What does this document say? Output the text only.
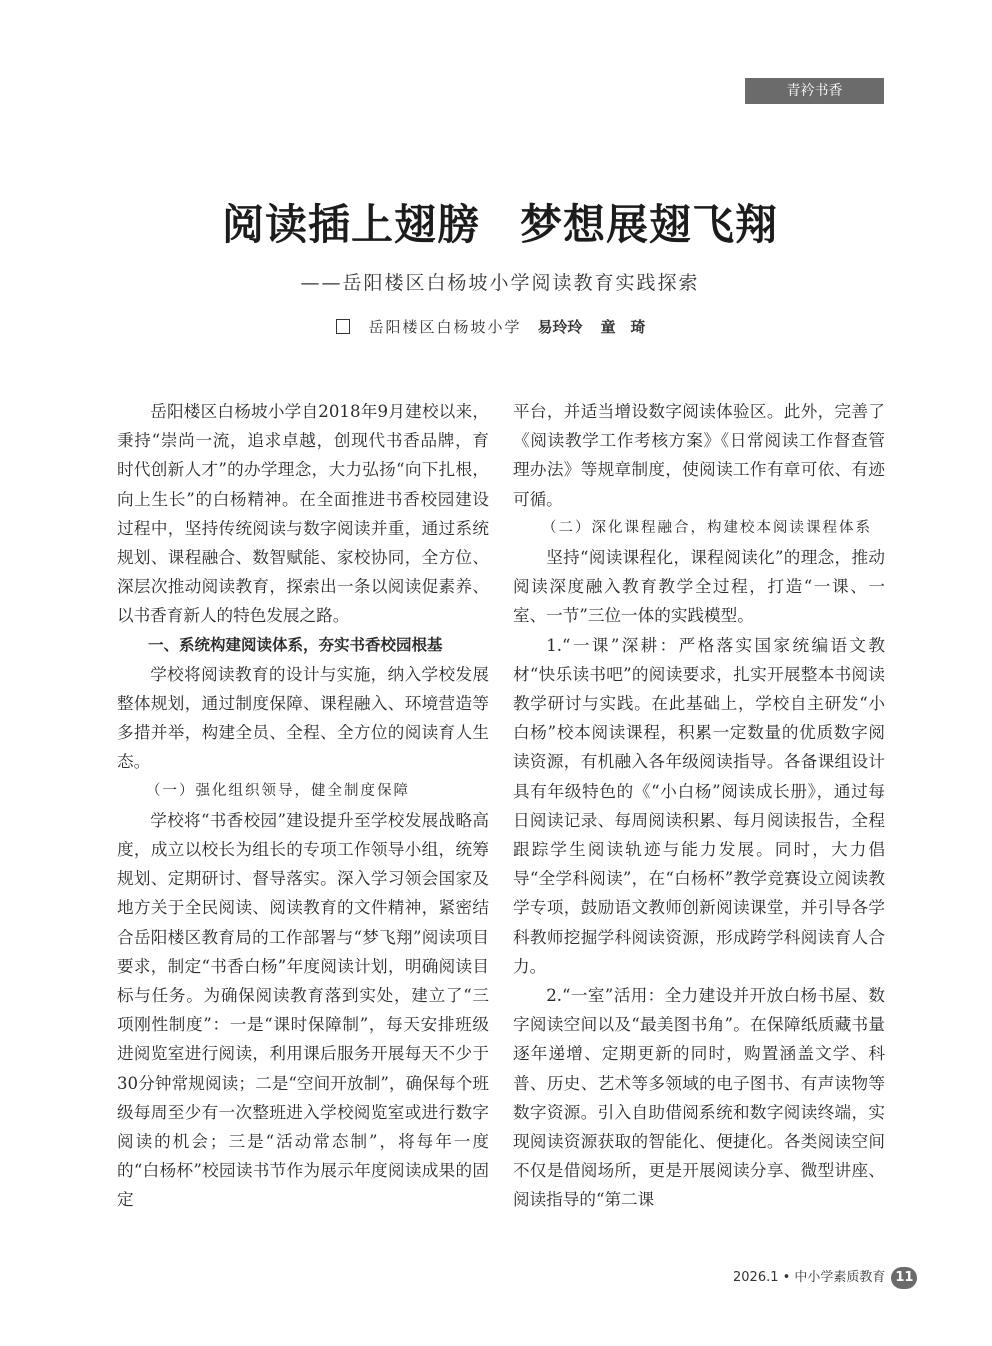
青衿书香
阅读插上翅膀 梦想展翅飞翔
——岳阳楼区白杨坡小学阅读教育实践探索
岳阳楼区白杨坡小学 易玲玲 童　琦

岳阳楼区白杨坡小学自2018年9月建校以来，秉持“崇尚一流，追求卓越，创现代书香品牌，育时代创新人才”的办学理念，大力弘扬“向下扎根，向上生长”的白杨精神。在全面推进书香校园建设过程中，坚持传统阅读与数字阅读并重，通过系统规划、课程融合、数智赋能、家校协同，全方位、深层次推动阅读教育，探索出一条以阅读促素养、以书香育新人的特色发展之路。

一、系统构建阅读体系，夯实书香校园根基

学校将阅读教育的设计与实施，纳入学校发展整体规划，通过制度保障、课程融入、环境营造等多措并举，构建全员、全程、全方位的阅读育人生态。

（一）强化组织领导，健全制度保障

学校将“书香校园”建设提升至学校发展战略高度，成立以校长为组长的专项工作领导小组，统筹规划、定期研讨、督导落实。深入学习领会国家及地方关于全民阅读、阅读教育的文件精神，紧密结合岳阳楼区教育局的工作部署与“梦飞翔”阅读项目要求，制定“书香白杨”年度阅读计划，明确阅读目标与任务。为确保阅读教育落到实处，建立了“三项刚性制度”：一是“课时保障制”，每天安排班级进阅览室进行阅读，利用课后服务开展每天不少于30分钟常规阅读；二是“空间开放制”，确保每个班级每周至少有一次整班进入学校阅览室或进行数字阅读的机会；三是“活动常态制”，将每年一度的“白杨杯”校园读书节作为展示年度阅读成果的固定

平台，并适当增设数字阅读体验区。此外，完善了《阅读教学工作考核方案》《日常阅读工作督查管理办法》等规章制度，使阅读工作有章可依、有迹可循。

（二）深化课程融合，构建校本阅读课程体系

坚持“阅读课程化，课程阅读化”的理念，推动阅读深度融入教育教学全过程，打造“一课、一室、一节”三位一体的实践模型。

1.“一课”深耕：严格落实国家统编语文教材“快乐读书吧”的阅读要求，扎实开展整本书阅读教学研讨与实践。在此基础上，学校自主研发“小白杨”校本阅读课程，积累一定数量的优质数字阅读资源，有机融入各年级阅读指导。各备课组设计具有年级特色的《“小白杨”阅读成长册》，通过每日阅读记录、每周阅读积累、每月阅读报告，全程跟踪学生阅读轨迹与能力发展。同时，大力倡导“全学科阅读”，在“白杨杯”教学竞赛设立阅读教学专项，鼓励语文教师创新阅读课堂，并引导各学科教师挖掘学科阅读资源，形成跨学科阅读育人合力。

2.“一室”活用：全力建设并开放白杨书屋、数字阅读空间以及“最美图书角”。在保障纸质藏书量逐年递增、定期更新的同时，购置涵盖文学、科普、历史、艺术等多领域的电子图书、有声读物等数字资源。引入自助借阅系统和数字阅读终端，实现阅读资源获取的智能化、便捷化。各类阅读空间不仅是借阅场所，更是开展阅读分享、微型讲座、阅读指导的“第二课

2026.1 • 中小学素质教育 11
